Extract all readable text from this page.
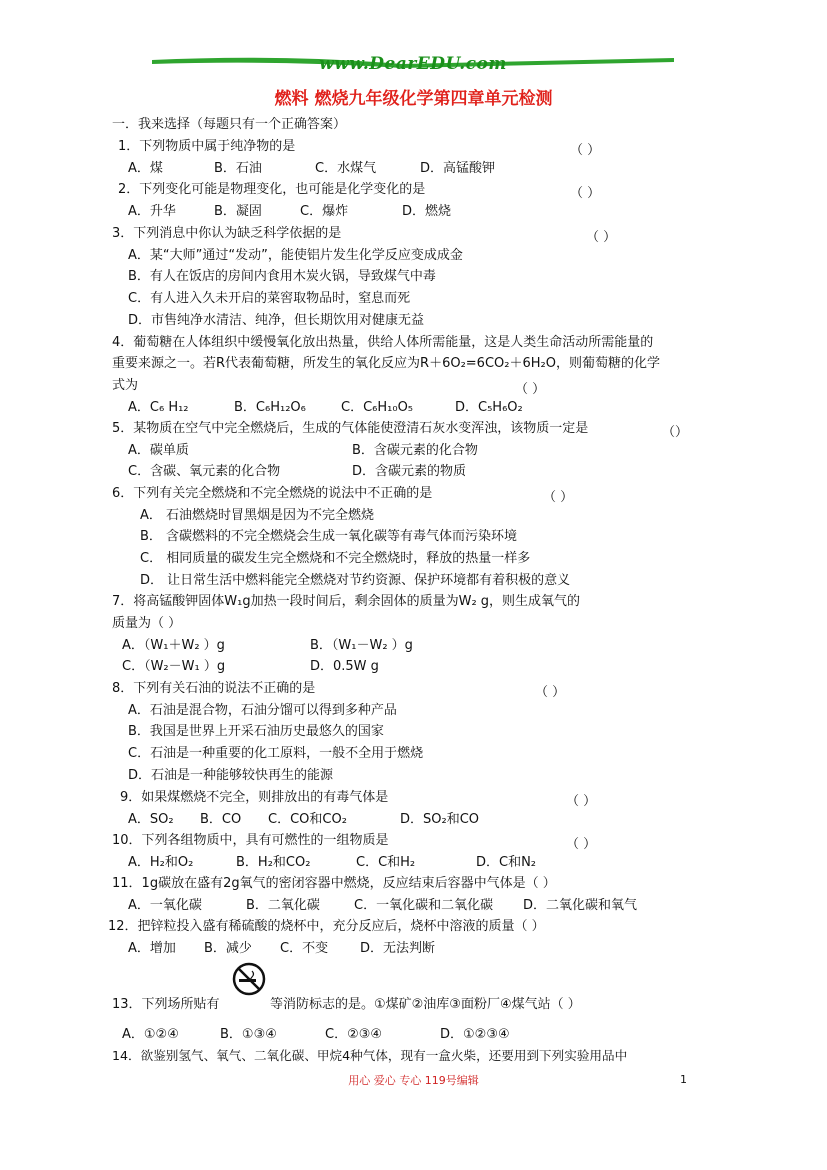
www.DearEDU.com
燃料 燃烧九年级化学第四章单元检测
一．我来选择（每题只有一个正确答案）
1．下列物质中属于纯净物的是	（ ）
A．煤	B．石油	C．水煤气	D．高锰酸钾
2．下列变化可能是物理变化，也可能是化学变化的是	（ ）
A．升华	B．凝固	C．爆炸	D．燃烧
3．下列消息中你认为缺乏科学依据的是	（ ）
A．某“大师”通过“发动”，能使铝片发生化学反应变成成金
B．有人在饭店的房间内食用木炭火锅，导致煤气中毒
C．有人进入久未开启的菜窖取物品时，窒息而死
D．市售纯净水清洁、纯净，但长期饮用对健康无益
4．葡萄糖在人体组织中缓慢氧化放出热量，供给人体所需能量，这是人类生命活动所需能量的
重要来源之一。若R代表葡萄糖，所发生的氧化反应为R＋6O₂=6CO₂＋6H₂O，则葡萄糖的化学
式为	（ ）
A．C₆ H₁₂	B．C₆H₁₂O₆	C．C₆H₁₀O₅	D．C₅H₆O₂
5．某物质在空气中完全燃烧后，生成的气体能使澄清石灰水变浑浊，该物质一定是	（）
A．碳单质	B．含碳元素的化合物
C．含碳、氧元素的化合物	D．含碳元素的物质
6．下列有关完全燃烧和不完全燃烧的说法中不正确的是	（ ）
A． 石油燃烧时冒黑烟是因为不完全燃烧
B． 含碳燃料的不完全燃烧会生成一氧化碳等有毒气体而污染环境
C． 相同质量的碳发生完全燃烧和不完全燃烧时，释放的热量一样多
D． 让日常生活中燃料能完全燃烧对节约资源、保护环境都有着积极的意义
7．将高锰酸钾固体W₁g加热一段时间后，剩余固体的质量为W₂ g，则生成氧气的
质量为（ ）
A．（W₁＋W₂ ）g	B．（W₁－W₂ ）g
C．（W₂－W₁ ）g	D．0.5W g
8．下列有关石油的说法不正确的是	（ ）
A．石油是混合物，石油分馏可以得到多种产品
B．我国是世界上开采石油历史最悠久的国家
C．石油是一种重要的化工原料，一般不全用于燃烧
D．石油是一种能够较快再生的能源
9．如果煤燃烧不完全，则排放出的有毒气体是	（ ）
A．SO₂ B．CO C．CO和CO₂	D．SO₂和CO
10．下列各组物质中，具有可燃性的一组物质是	（ ）
A．H₂和O₂	B．H₂和CO₂	C．C和H₂	D．C和N₂
11．1g碳放在盛有2g氧气的密闭容器中燃烧，反应结束后容器中气体是（ ）
A．一氧化碳	B．二氧化碳	C．一氧化碳和二氧化碳 D．二氧化碳和氧气
12．把锌粒投入盛有稀硫酸的烧杯中，充分反应后，烧杯中溶液的质量（ ）
A．增加 B．减少 C．不变 D．无法判断
13．下列场所贴有	等消防标志的是。①煤矿②油库③面粉厂④煤气站（ ）
A．①②④	B．①③④	C．②③④	D．①②③④
14．欲鉴别氢气、氧气、二氧化碳、甲烷4种气体，现有一盒火柴，还要用到下列实验用品中
用心 爱心 专心 119号编辑	1
